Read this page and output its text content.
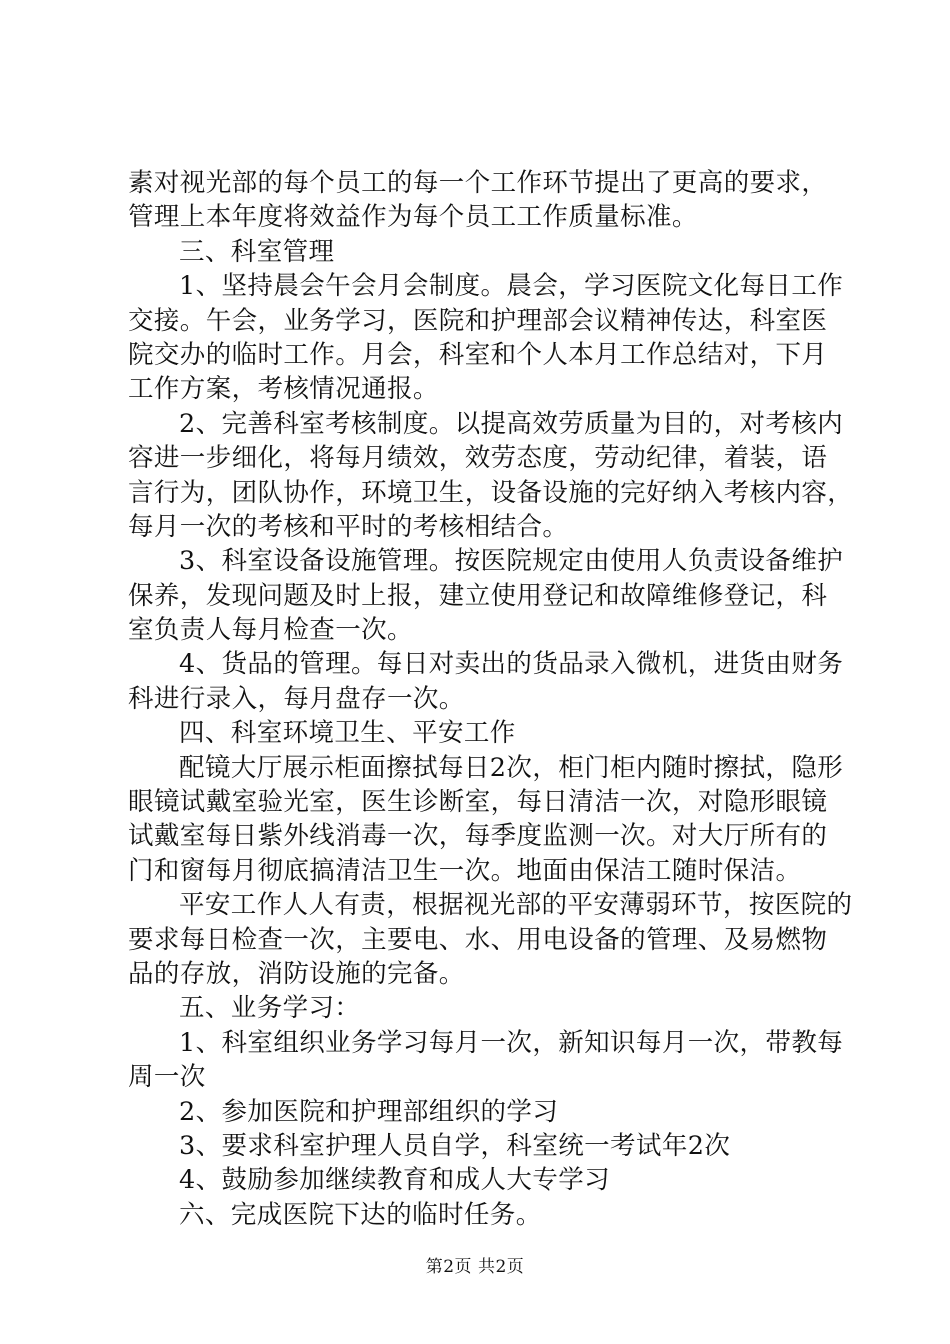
素对视光部的每个员工的每一个工作环节提出了更高的要求，
管理上本年度将效益作为每个员工工作质量标准。
三、科室管理
1、坚持晨会午会月会制度。晨会，学习医院文化每日工作
交接。午会，业务学习，医院和护理部会议精神传达，科室医
院交办的临时工作。月会，科室和个人本月工作总结对，下月
工作方案，考核情况通报。
2、完善科室考核制度。以提高效劳质量为目的，对考核内
容进一步细化，将每月绩效，效劳态度，劳动纪律，着装，语
言行为，团队协作，环境卫生，设备设施的完好纳入考核内容，
每月一次的考核和平时的考核相结合。
3、科室设备设施管理。按医院规定由使用人负责设备维护
保养，发现问题及时上报，建立使用登记和故障维修登记，科
室负责人每月检查一次。
4、货品的管理。每日对卖出的货品录入微机，进货由财务
科进行录入，每月盘存一次。
四、科室环境卫生、平安工作
配镜大厅展示柜面擦拭每日2次，柜门柜内随时擦拭，隐形
眼镜试戴室验光室，医生诊断室，每日清洁一次，对隐形眼镜
试戴室每日紫外线消毒一次，每季度监测一次。对大厅所有的
门和窗每月彻底搞清洁卫生一次。地面由保洁工随时保洁。
平安工作人人有责，根据视光部的平安薄弱环节，按医院的
要求每日检查一次，主要电、水、用电设备的管理、及易燃物
品的存放，消防设施的完备。
五、业务学习：
1、科室组织业务学习每月一次，新知识每月一次，带教每
周一次
2、参加医院和护理部组织的学习
3、要求科室护理人员自学，科室统一考试年2次
4、鼓励参加继续教育和成人大专学习
六、完成医院下达的临时任务。
第2页 共2页
